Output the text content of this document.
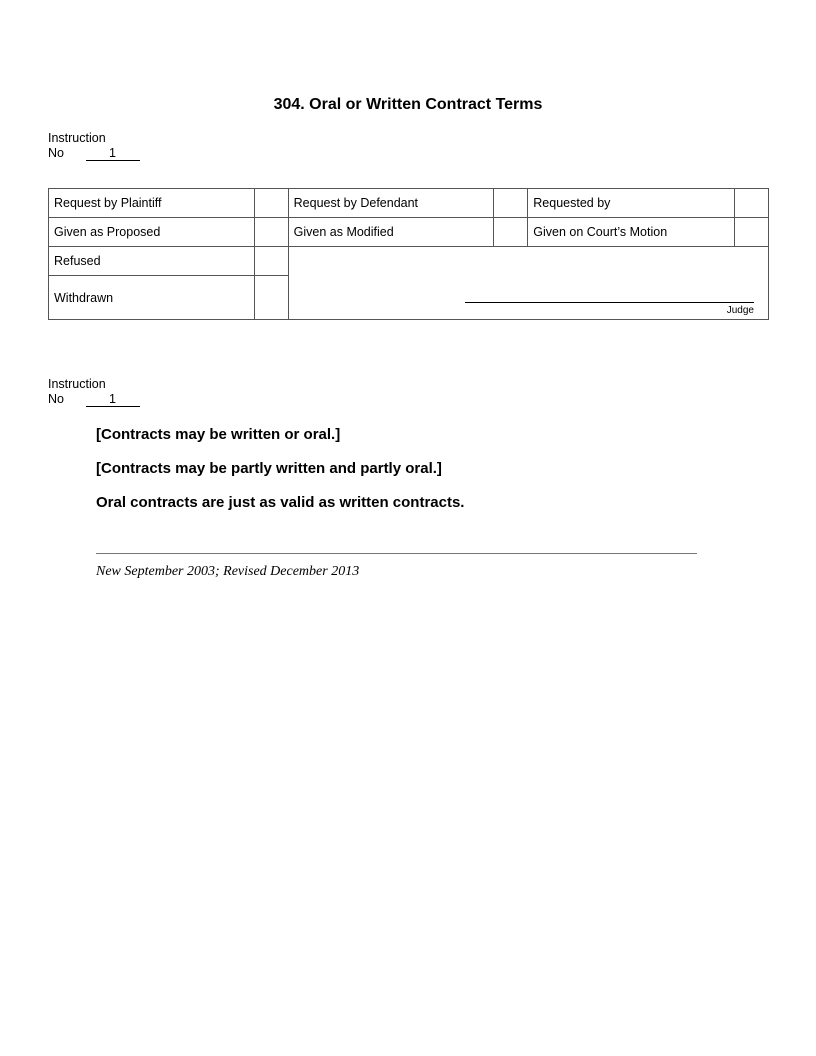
304. Oral or Written Contract Terms
Instruction
No	1
Request by Plaintiff		Request by Defendant		Requested by	
Given as Proposed		Given as Modified		Given on Court’s Motion	
Refused		Judge			

Withdrawn					
Instruction
No	1
[Contracts may be written or oral.]
[Contracts may be partly written and partly oral.]
Oral contracts are just as valid as written contracts.
New September 2003; Revised December 2013
